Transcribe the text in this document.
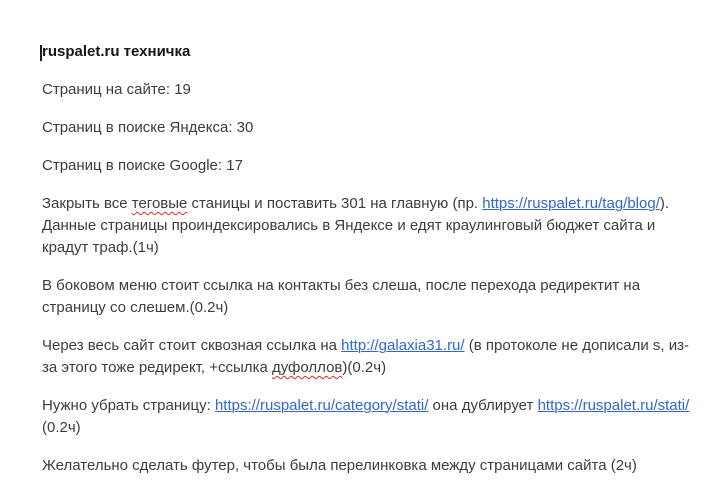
ruspalet.ru техничка

Страниц на сайте: 19

Страниц в поиске Яндекса: 30

Страниц в поиске Google: 17

Закрыть все теговые станицы и поставить 301 на главную (пр. https://ruspalet.ru/tag/blog/). Данные страницы проиндексировались в Яндексе и едят краулинговый бюджет сайта и крадут траф.(1ч)

В боковом меню стоит ссылка на контакты без слеша, после перехода редиректит на страницу со слешем.(0.2ч)

Через весь сайт стоит сквозная ссылка на http://galaxia31.ru/ (в протоколе не дописали s, из-за этого тоже редирект, +ссылка дуфоллов)(0.2ч)

Нужно убрать страницу: https://ruspalet.ru/category/stati/ она дублирует https://ruspalet.ru/stati/ (0.2ч)

Желательно сделать футер, чтобы была перелинковка между страницами сайта (2ч)
